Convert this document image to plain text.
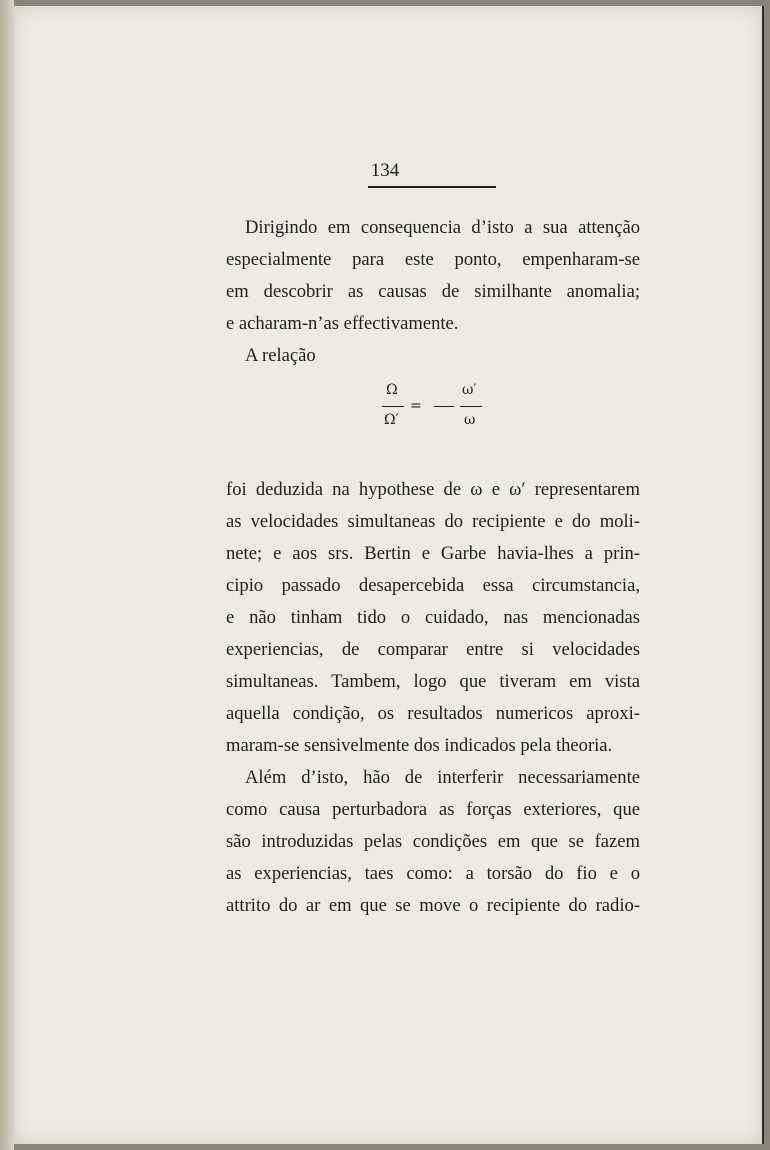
134
Dirigindo em consequencia d’isto a sua attenção
especialmente para este ponto, empenharam-se
em descobrir as causas de similhante anomalia;
e acharam-n’as effectivamente.
A relação
Ω
Ω′
=
ω′
ω
foi deduzida na hypothese de ω e ω′ representarem
as velocidades simultaneas do recipiente e do moli-
nete; e aos srs. Bertin e Garbe havia-lhes a prin-
cipio passado desapercebida essa circumstancia,
e não tinham tido o cuidado, nas mencionadas
experiencias, de comparar entre si velocidades
simultaneas. Tambem, logo que tiveram em vista
aquella condição, os resultados numericos aproxi-
maram-se sensivelmente dos indicados pela theoria.
Além d’isto, hão de interferir necessariamente
como causa perturbadora as forças exteriores, que
são introduzidas pelas condições em que se fazem
as experiencias, taes como: a torsão do fio e o
attrito do ar em que se move o recipiente do radio-
